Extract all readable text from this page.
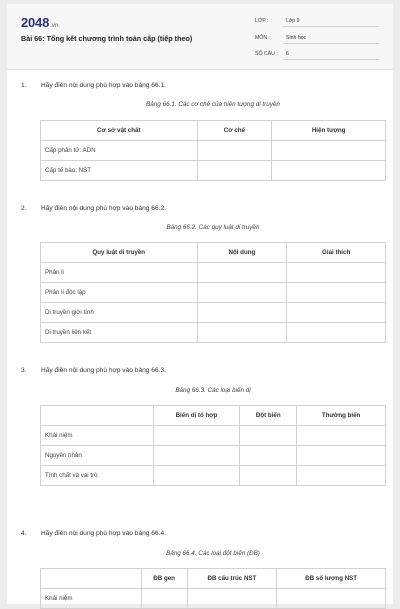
2048.vn
Bài 66: Tổng kết chương trình toàn cấp (tiếp theo)
LỚP :	Lớp 9
MÔN :	Sinh học
SỐ CÂU :	6
1. Hãy điền nội dung phù hợp vào bảng 66.1.
Bảng 66.1. Các cơ chế của hiện tượng di truyền
Cơ sở vật chất	Cơ chế	Hiện tượng
Cấp phân tử: ADN		
Cấp tế bào: NST		
2. Hãy điền nội dung phù hợp vào bảng 66.2.
Bảng 66.2. Các quy luật di truyền
Quy luật di truyền	Nội dung	Giải thích
Phân li		
Phân li độc lập		
Di truyền giới tính		
Di truyền liên kết		
3. Hãy điền nội dung phù hợp vào bảng 66.3.
Bảng 66.3. Các loại biến dị
	Biến dị tổ hợp	Đột biến	Thường biến
Khái niệm			
Nguyên nhân			
Tính chất và vai trò			
4. Hãy điền nội dung phù hợp vào bảng 66.4.
Bảng 66.4. Các loại đột biến (ĐB)
	ĐB gen	ĐB cấu trúc NST	ĐB số lượng NST
Khái niệm			
